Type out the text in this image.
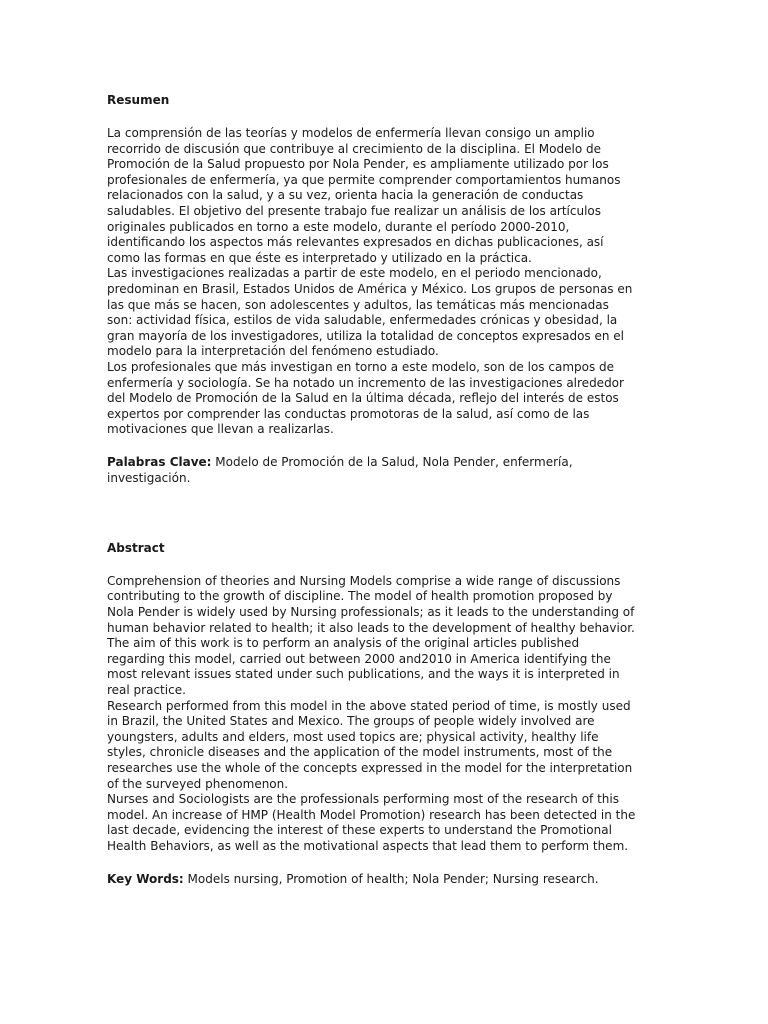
Resumen

La comprensión de las teorías y modelos de enfermería llevan consigo un amplio recorrido de discusión que contribuye al crecimiento de la disciplina. El Modelo de Promoción de la Salud propuesto por Nola Pender, es ampliamente utilizado por los profesionales de enfermería, ya que permite comprender comportamientos humanos relacionados con la salud, y a su vez, orienta hacia la generación de conductas saludables. El objetivo del presente trabajo fue realizar un análisis de los artículos originales publicados en torno a este modelo, durante el período 2000-2010, identificando los aspectos más relevantes expresados en dichas publicaciones, así como las formas en que éste es interpretado y utilizado en la práctica.

Las investigaciones realizadas a partir de este modelo, en el periodo mencionado, predominan en Brasil, Estados Unidos de América y México. Los grupos de personas en las que más se hacen, son adolescentes y adultos, las temáticas más mencionadas son: actividad física, estilos de vida saludable, enfermedades crónicas y obesidad, la gran mayoría de los investigadores, utiliza la totalidad de conceptos expresados en el modelo para la interpretación del fenómeno estudiado.

Los profesionales que más investigan en torno a este modelo, son de los campos de enfermería y sociología. Se ha notado un incremento de las investigaciones alrededor del Modelo de Promoción de la Salud en la última década, reflejo del interés de estos expertos por comprender las conductas promotoras de la salud, así como de las motivaciones que llevan a realizarlas.

Palabras Clave: Modelo de Promoción de la Salud, Nola Pender, enfermería, investigación.

Abstract

Comprehension of theories and Nursing Models comprise a wide range of discussions contributing to the growth of discipline. The model of health promotion proposed by Nola Pender is widely used by Nursing professionals; as it leads to the understanding of human behavior related to health; it also leads to the development of healthy behavior. The aim of this work is to perform an analysis of the original articles published regarding this model, carried out between 2000 and2010 in America identifying the most relevant issues stated under such publications, and the ways it is interpreted in real practice.

Research performed from this model in the above stated period of time, is mostly used in Brazil, the United States and Mexico. The groups of people widely involved are youngsters, adults and elders, most used topics are; physical activity, healthy life styles, chronicle diseases and the application of the model instruments, most of the researches use the whole of the concepts expressed in the model for the interpretation of the surveyed phenomenon.

Nurses and Sociologists are the professionals performing most of the research of this model. An increase of HMP (Health Model Promotion) research has been detected in the last decade, evidencing the interest of these experts to understand the Promotional Health Behaviors, as well as the motivational aspects that lead them to perform them.

Key Words: Models nursing, Promotion of health; Nola Pender; Nursing research.
